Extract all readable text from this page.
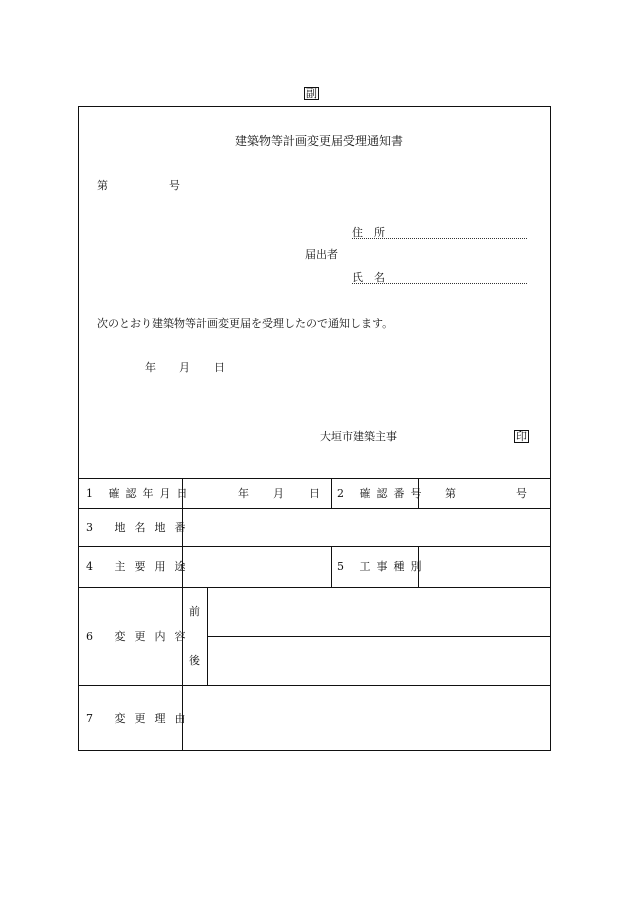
副
建築物等計画変更届受理通知書
第	号
住　所
届出者
氏　名
次のとおり建築物等計画変更届を受理したので通知します。
年 月 日
大垣市建築主事	印
1 確認年月日	年 月 日 2 確認番号 第	号
3 地名地番
4 主要用途	5 工事種別
6 変更内容
前
後
7 変更理由
